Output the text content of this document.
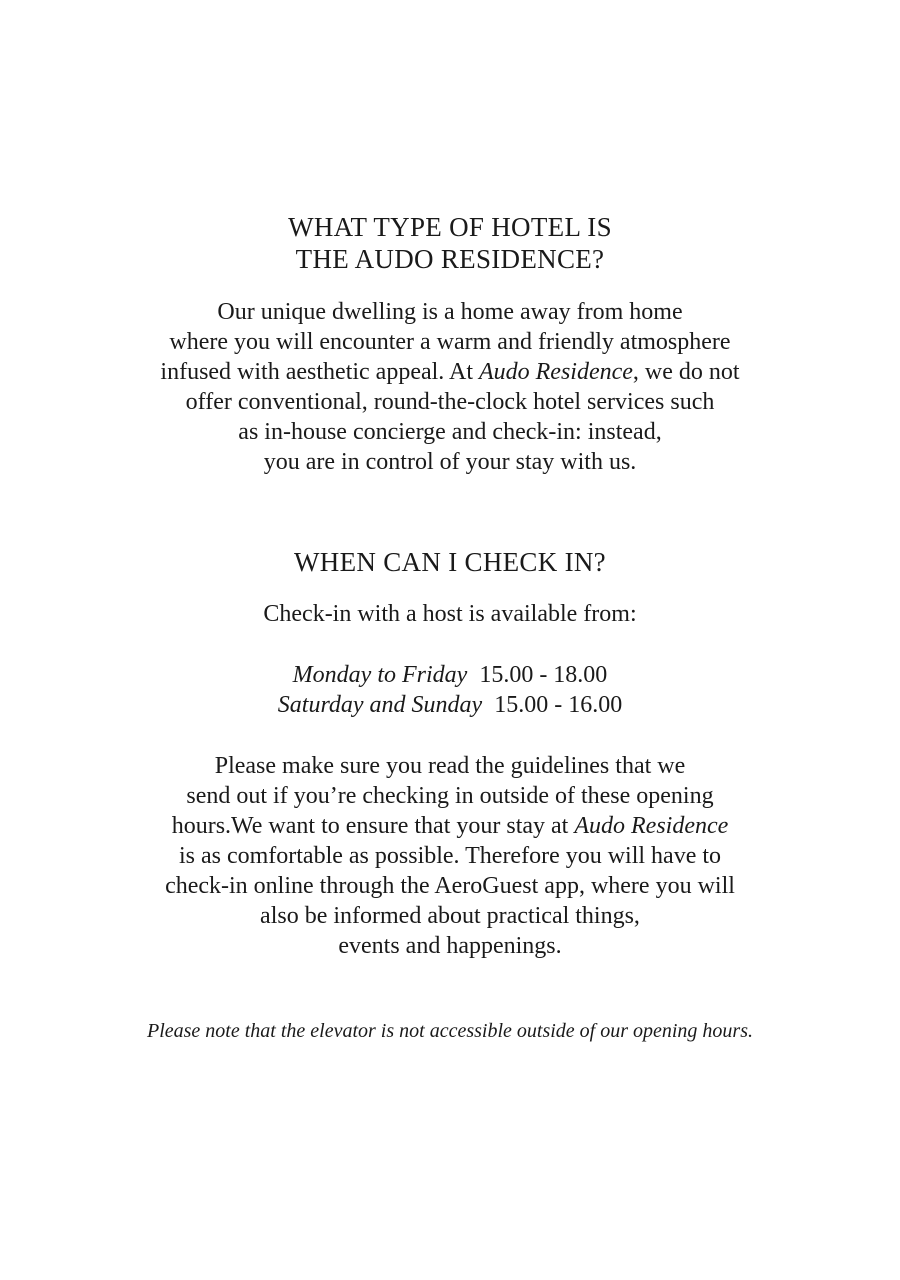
WHAT TYPE OF HOTEL IS
THE AUDO RESIDENCE?
Our unique dwelling is a home away from home
where you will encounter a warm and friendly atmosphere
infused with aesthetic appeal. At Audo Residence, we do not
offer conventional, round-the-clock hotel services such
as in-house concierge and check-in: instead,
you are in control of your stay with us.
WHEN CAN I CHECK IN?
Check-in with a host is available from:
Monday to Friday 15.00 - 18.00
Saturday and Sunday 15.00 - 16.00
Please make sure you read the guidelines that we
send out if you’re checking in outside of these opening
hours.We want to ensure that your stay at Audo Residence
is as comfortable as possible. Therefore you will have to
check-in online through the AeroGuest app, where you will
also be informed about practical things,
events and happenings.

Please note that the elevator is not accessible outside of our opening hours.
